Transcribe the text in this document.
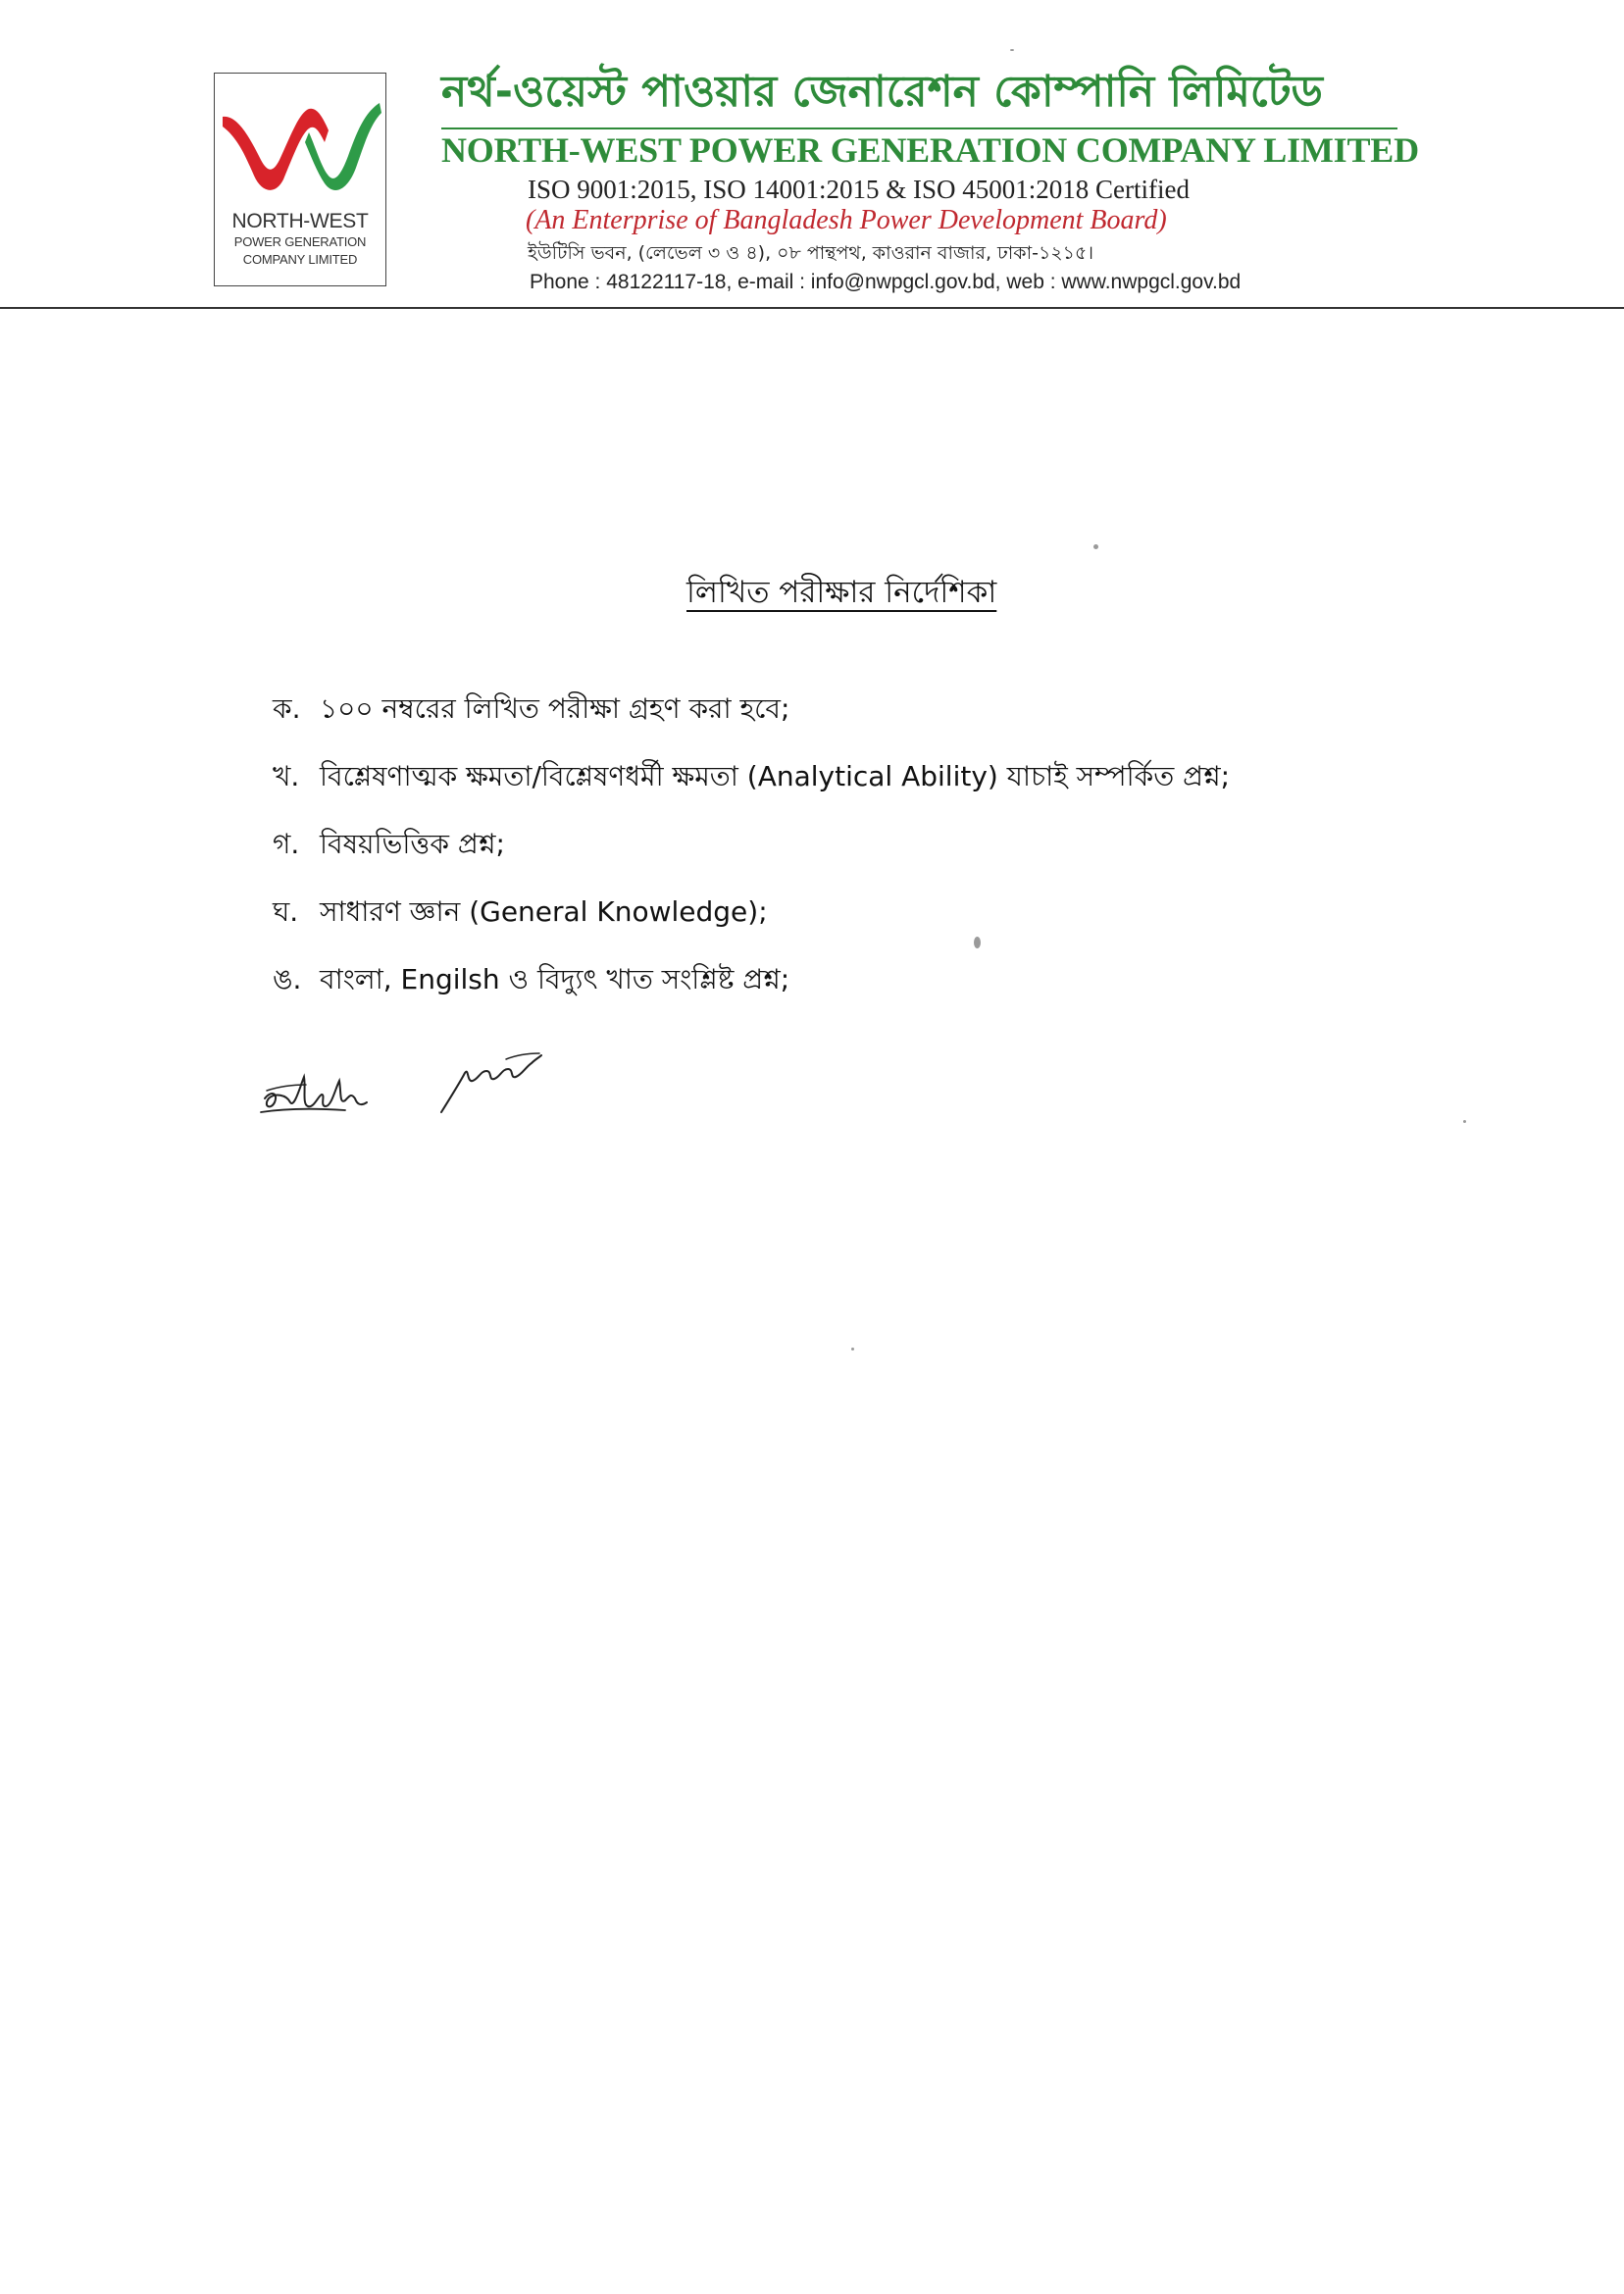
NORTH-WEST
POWER GENERATION
COMPANY LIMITED
নর্থ-ওয়েস্ট পাওয়ার জেনারেশন কোম্পানি লিমিটেড
NORTH-WEST POWER GENERATION COMPANY LIMITED
ISO 9001:2015, ISO 14001:2015 & ISO 45001:2018 Certified
(An Enterprise of Bangladesh Power Development Board)
ইউটিসি ভবন, (লেভেল ৩ ও ৪), ০৮ পান্থপথ, কাওরান বাজার, ঢাকা-১২১৫।
Phone : 48122117-18, e-mail : info@nwpgcl.gov.bd, web : www.nwpgcl.gov.bd
লিখিত পরীক্ষার নির্দেশিকা
ক. ১০০ নম্বরের লিখিত পরীক্ষা গ্রহণ করা হবে;
খ. বিশ্লেষণাত্মক ক্ষমতা/বিশ্লেষণধর্মী ক্ষমতা (Analytical Ability) যাচাই সম্পর্কিত প্রশ্ন;
গ. বিষয়ভিত্তিক প্রশ্ন;
ঘ. সাধারণ জ্ঞান (General Knowledge);
ঙ. বাংলা, Engilsh ও বিদ্যুৎ খাত সংশ্লিষ্ট প্রশ্ন;
